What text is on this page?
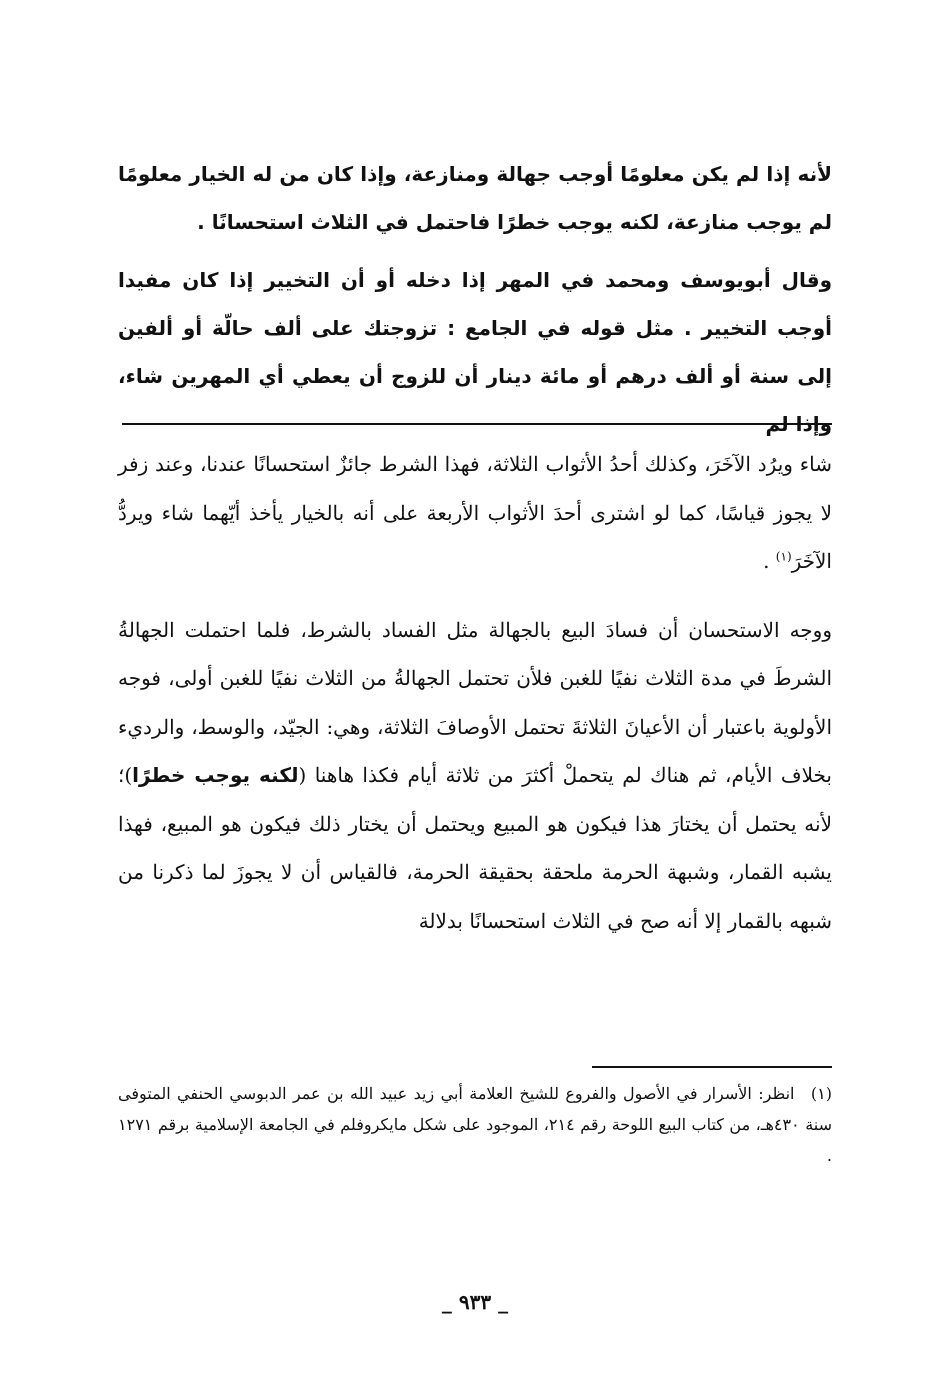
لأنه إذا لم يكن معلومًا أوجب جهالة ومنازعة، وإذا كان من له الخيار معلومًا لم يوجب منازعة، لكنه يوجب خطرًا فاحتمل في الثلاث استحسانًا .

وقال أبويوسف ومحمد في المهر إذا دخله أو أن التخيير إذا كان مفيدا أوجب التخيير . مثل قوله في الجامع : تزوجتك على ألف حالّة أو ألفين إلى سنة أو ألف درهم أو مائة دينار أن للزوج أن يعطي أي المهرين شاء، وإذا لم

شاء ويرُد الآخَرَ، وكذلك أحدُ الأثواب الثلاثة، فهذا الشرط جائزٌ استحسانًا عندنا، وعند زفر لا يجوز قياسًا، كما لو اشترى أحدَ الأثواب الأربعة على أنه بالخيار يأخذ أيّهما شاء ويردُّ الآخَرَ$^{(١)}$ .

ووجه الاستحسان أن فسادَ البيع بالجهالة مثل الفساد بالشرط، فلما احتملت الجهالةُ الشرطَ في مدة الثلاث نفيًا للغبن فلأن تحتمل الجهالةُ من الثلاث نفيًا للغبن أولى، فوجه الأولوية باعتبار أن الأعيانَ الثلاثةَ تحتمل الأوصافَ الثلاثة، وهي: الجيّد، والوسط، والرديء بخلاف الأيام، ثم هناك لم يتحملْ أكثرَ من ثلاثة أيام فكذا هاهنا (لكنه يوجب خطرًا)؛ لأنه يحتمل أن يختارَ هذا فيكون هو المبيع ويحتمل أن يختار ذلك فيكون هو المبيع، فهذا يشبه القمار، وشبهة الحرمة ملحقة بحقيقة الحرمة، فالقياس أن لا يجوزَ لما ذكرنا من شبهه بالقمار إلا أنه صح في الثلاث استحسانًا بدلالة

(١) انظر: الأسرار في الأصول والفروع للشيخ العلامة أبي زيد عبيد الله بن عمر الدبوسي الحنفي المتوفى سنة ٤٣٠هـ، من كتاب البيع اللوحة رقم ٢١٤، الموجود على شكل مايكروفلم في الجامعة الإسلامية برقم ١٢٧١ .
_ ٩٣٣ _
